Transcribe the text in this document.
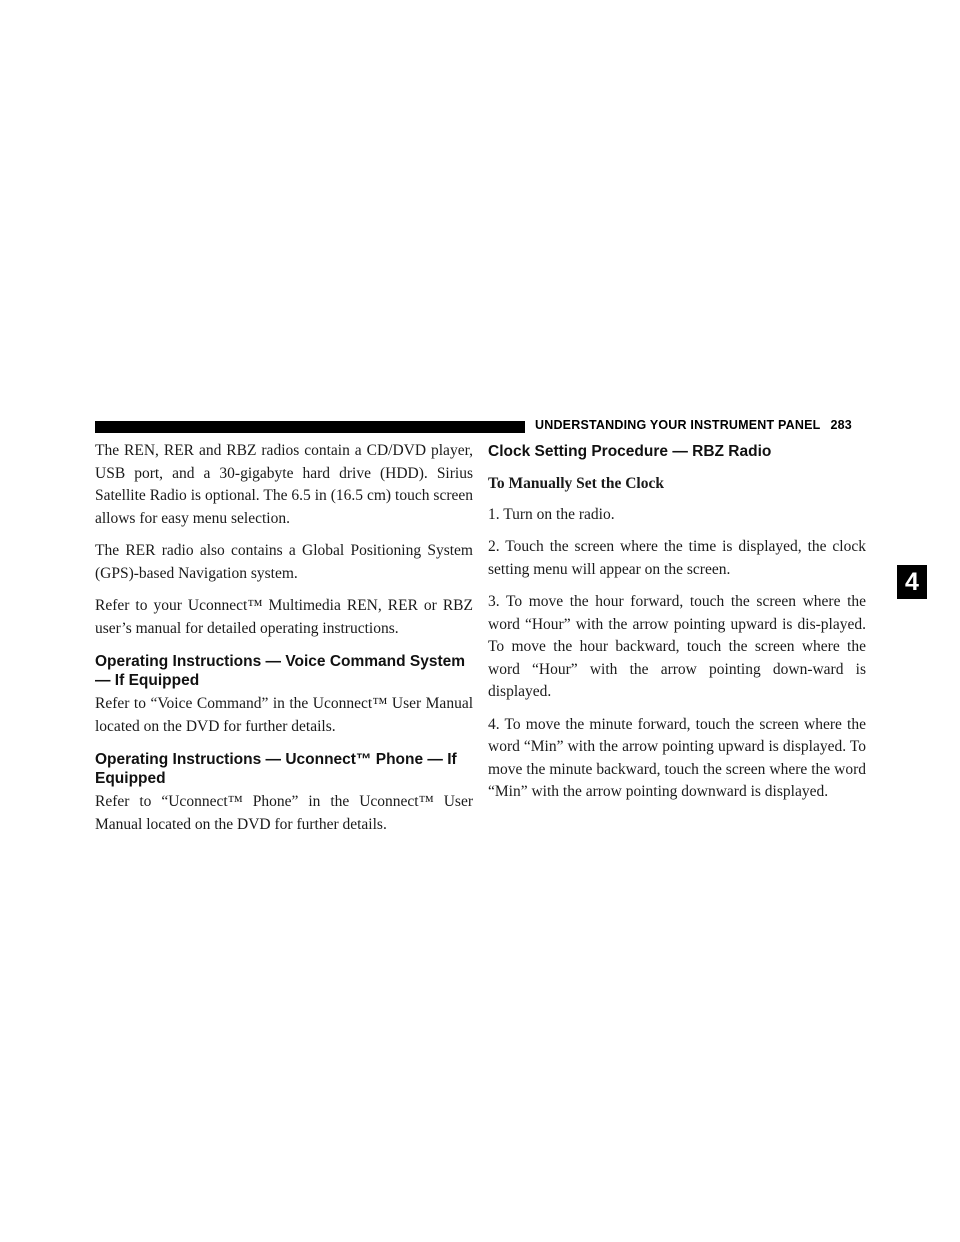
UNDERSTANDING YOUR INSTRUMENT PANEL 283
4

The REN, RER and RBZ radios contain a CD/DVD player, USB port, and a 30-gigabyte hard drive (HDD). Sirius Satellite Radio is optional. The 6.5 in (16.5 cm) touch screen allows for easy menu selection.

The RER radio also contains a Global Positioning System (GPS)-based Navigation system.

Refer to your Uconnect™ Multimedia REN, RER or RBZ user’s manual for detailed operating instructions.

Operating Instructions — Voice Command System — If Equipped

Refer to “Voice Command” in the Uconnect™ User Manual located on the DVD for further details.

Operating Instructions — Uconnect™ Phone — If Equipped

Refer to “Uconnect™ Phone” in the Uconnect™ User Manual located on the DVD for further details.

Clock Setting Procedure — RBZ Radio
To Manually Set the Clock
1. Turn on the radio.
2. Touch the screen where the time is displayed, the clock setting menu will appear on the screen.
3. To move the hour forward, touch the screen where the word “Hour” with the arrow pointing upward is dis-played. To move the hour backward, touch the screen where the word “Hour” with the arrow pointing down-ward is displayed.
4. To move the minute forward, touch the screen where the word “Min” with the arrow pointing upward is displayed. To move the minute backward, touch the screen where the word “Min” with the arrow pointing downward is displayed.
